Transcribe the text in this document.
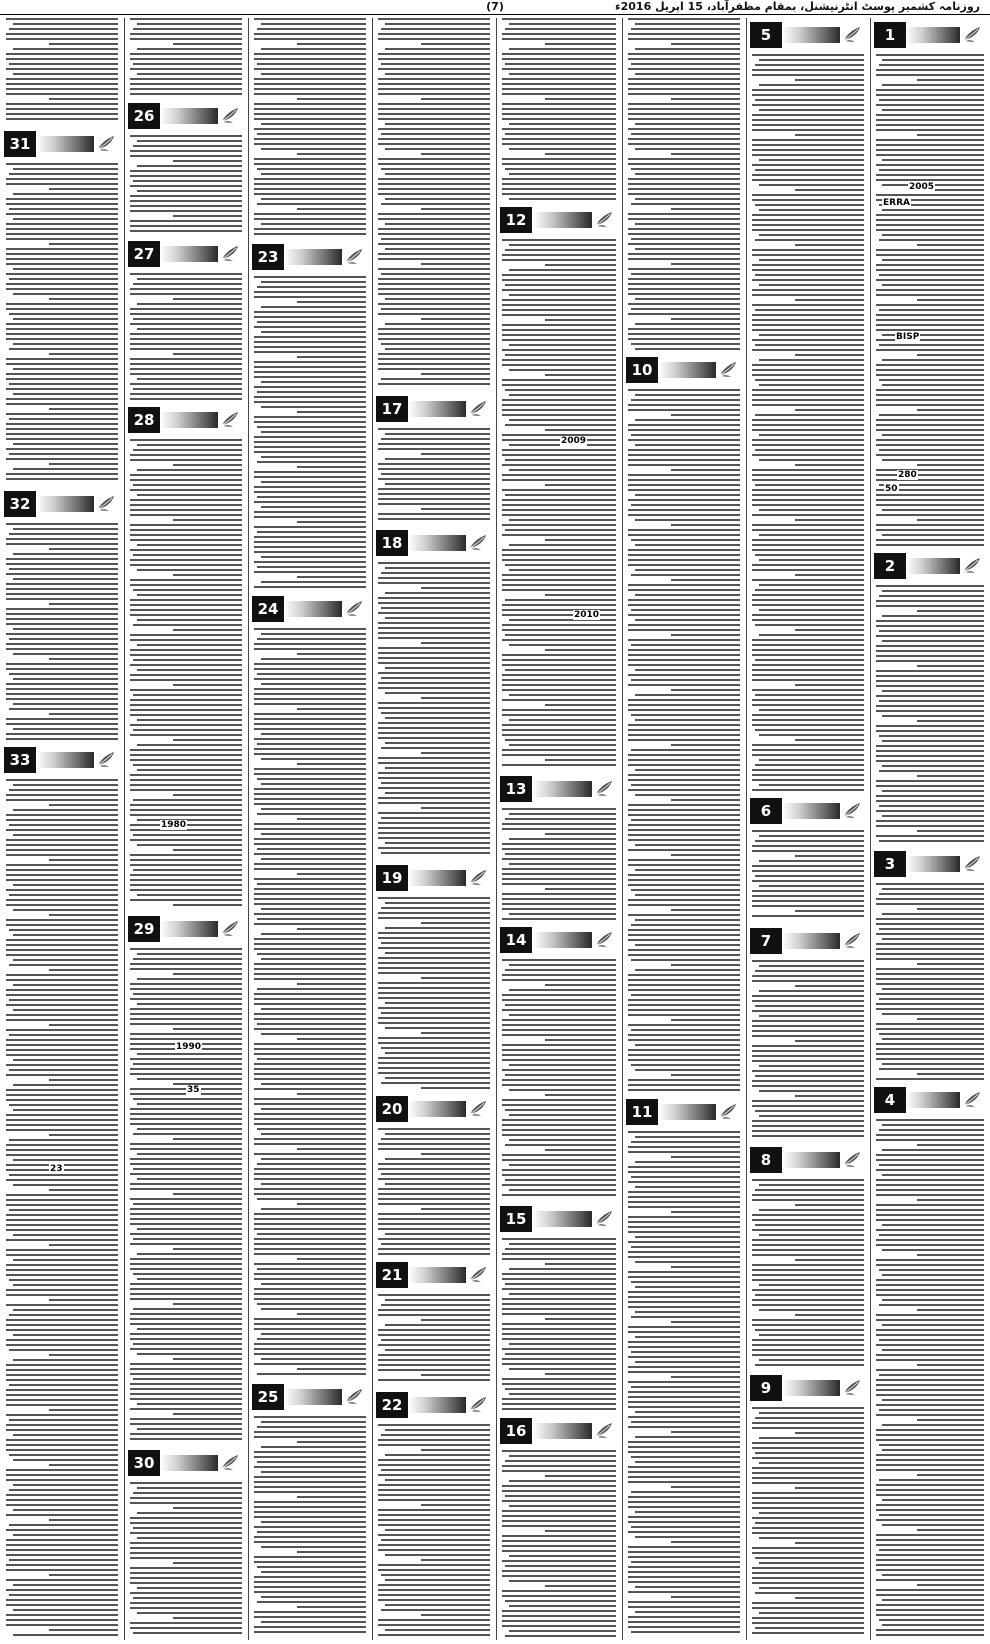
(7)	روزنامہ کشمیر پوسٹ انٹرنیشنل، بمقام مظفرآباد، 15 اپریل 2016ء
1
2
3
4
5
6
7
8
9
10
11
12
13
14
15
16
17
18
19
20
21
22
23
24
25
26
27
28
29
30
31
32
33
ERRA
BISP
2005
1990
2009
2010
50
280
1980
23
35
